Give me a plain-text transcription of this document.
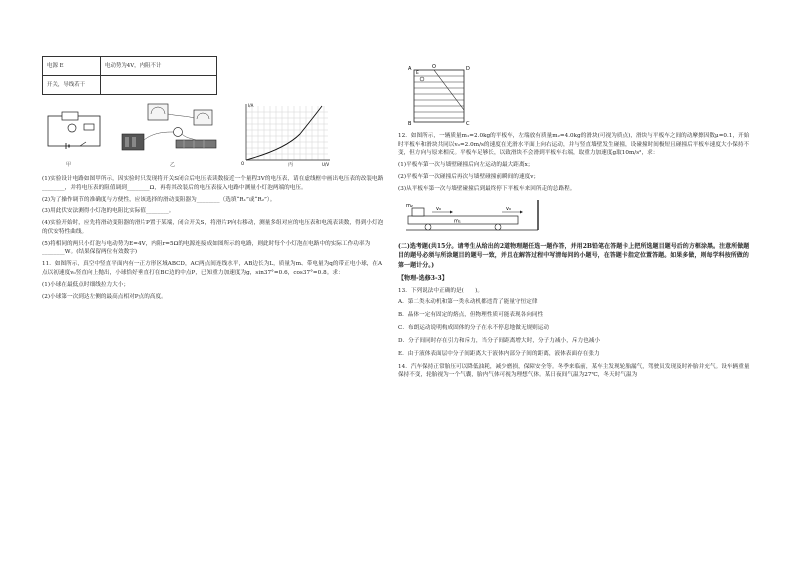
电源 E	电动势为4V，内阻不计
开关，导线若干	
I/A
U/V
O
甲	乙	丙

(1)实验设计电路如图甲所示，因实验时只发现将开关S闭合后电压表读数接近一个量程3V的电压表，请在虚线框中画出电压表的改装电路________，并将电压表的阻值调到________Ω，再将其改装后的电压表接入电路中测量小灯泡两端的电压。

(2)为了操作调节的准确度与方便性，应该选择的滑动变阻器为________（选填“R₁”或“R₂”）。

(3)用此伏安法测得小灯泡的电阻比实际值________。

(4)实验开始时，应先将滑动变阻器的滑片P置于某端，闭合开关S，将滑片P向右移动，测量多组对应的电压表和电流表读数，得到小灯泡的伏安特性曲线。

(5)将相同的两只小灯泡与电动势为E=4V，内阻r=5Ω的电源连接成如图所示的电路，则此时每个小灯泡在电路中的实际工作功率为________W。(结果保留两位有效数字)

11．如图所示，真空中竖直平面内有一正方形区域ABCD，AC两点间连线水平，AB边长为L，质量为m、带电量为q的带正电小球，在A点以初速度v₀竖直向上抛出，小球恰好垂直打在BC边的中点P，已知重力加速度为g，sin37°=0.6，cos37°=0.8。求：

(1)小球在最低点时细线拉力大小；

(2)小球第一次到达左侧的最高点相对P点的高度。

A	O	D
E
B	C

12．如图所示，一辆质量m₁=2.0kg的平板车，左端放有质量m₂=4.0kg的滑块(可视为质点)，滑块与平板车之间的动摩擦因数μ=0.1，开始时平板车和滑块共同以v₀=2.0m/s的速度在光滑水平面上向右运动，并与竖直墙壁发生碰撞，设碰撞时间极短且碰撞后平板车速度大小保持不变，但方向与原来相反。平板车足够长，以致滑块不会滑到平板车右端，取重力加速度g取10m/s²，求：

(1)平板车第一次与墙壁碰撞后向左运动的最大距离x；

(2)平板车第一次碰撞后再次与墙壁碰撞前瞬间的速度v；

(3)从平板车第一次与墙壁碰撞后到最终停下平板车来回所走的总路程。

m₂	v₀
m₁
v₀

(二)选考题(共15分。请考生从给出的2道物理题任选一题作答，并用2B铅笔在答题卡上把所选题目题号后的方框涂黑。注意所做题目的题号必须与所涂题目的题号一致，并且在解答过程中写清每问的小题号，在答题卡指定位置答题。如果多做，则每学科按所做的第一题计分。)

【物理-选修3-3】

13．下列说法中正确的是(　　)。

A．第二类永动机和第一类永动机都违背了能量守恒定律

B．晶体一定有固定的熔点，但物理性质可能表现各向同性

C．布朗运动说明构成固体的分子在永不停息地做无规则运动

D．分子间同时存在引力和斥力，当分子间距离增大时，分子力减小，斥力也减小

E．由于液体表面层中分子间距离大于液体内部分子间的距离，液体表面存在张力

14．汽车保持正常胎压可以降低油耗，减少磨损，保障安全等。冬季来临前，某车主发现轮胎漏气，驾驶员发现及时补胎并充气。设车辆重量保持不变，轮胎视为一个气囊，胎内气体可视为理想气体。某日夜间气温为27℃，冬天时气温为
